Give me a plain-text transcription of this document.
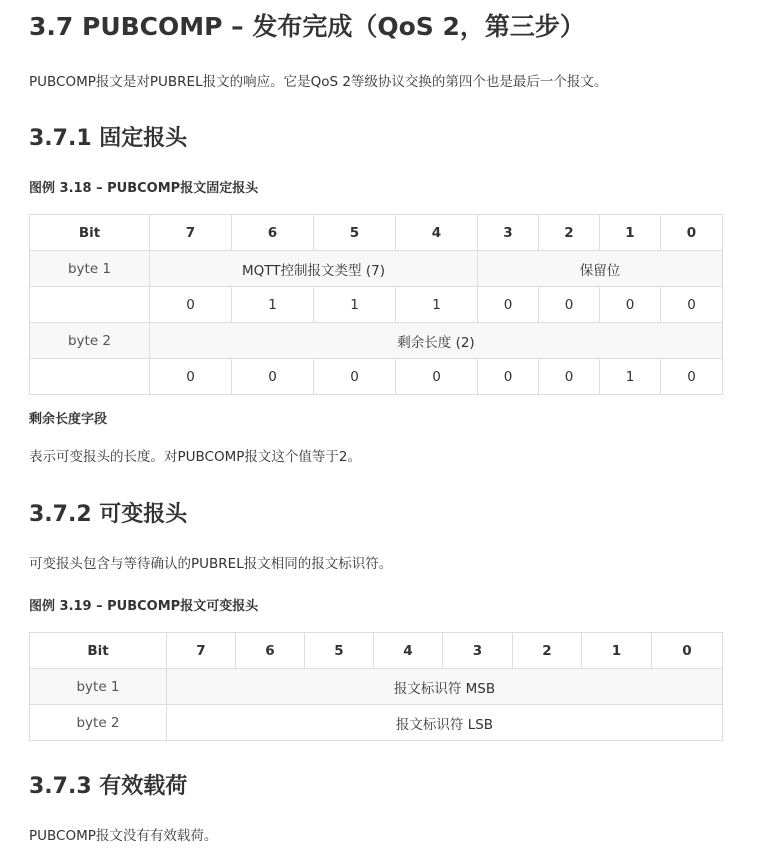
3.7 PUBCOMP – 发布完成（QoS 2，第三步）

PUBCOMP报文是对PUBREL报文的响应。它是QoS 2等级协议交换的第四个也是最后一个报文。

3.7.1 固定报头

图例 3.18 – PUBCOMP报文固定报头

Bit	7	6	5	4	3	2	1	0
byte 1	MQTT控制报文类型 (7)				保留位			
	0	1	1	1	0	0	0	0
byte 2	剩余长度 (2)							
	0	0	0	0	0	0	1	0

剩余长度字段

表示可变报头的长度。对PUBCOMP报文这个值等于2。

3.7.2 可变报头

可变报头包含与等待确认的PUBREL报文相同的报文标识符。

图例 3.19 – PUBCOMP报文可变报头

Bit	7	6	5	4	3	2	1	0
byte 1	报文标识符 MSB							
byte 2	报文标识符 LSB							
3.7.3 有效载荷

PUBCOMP报文没有有效载荷。
